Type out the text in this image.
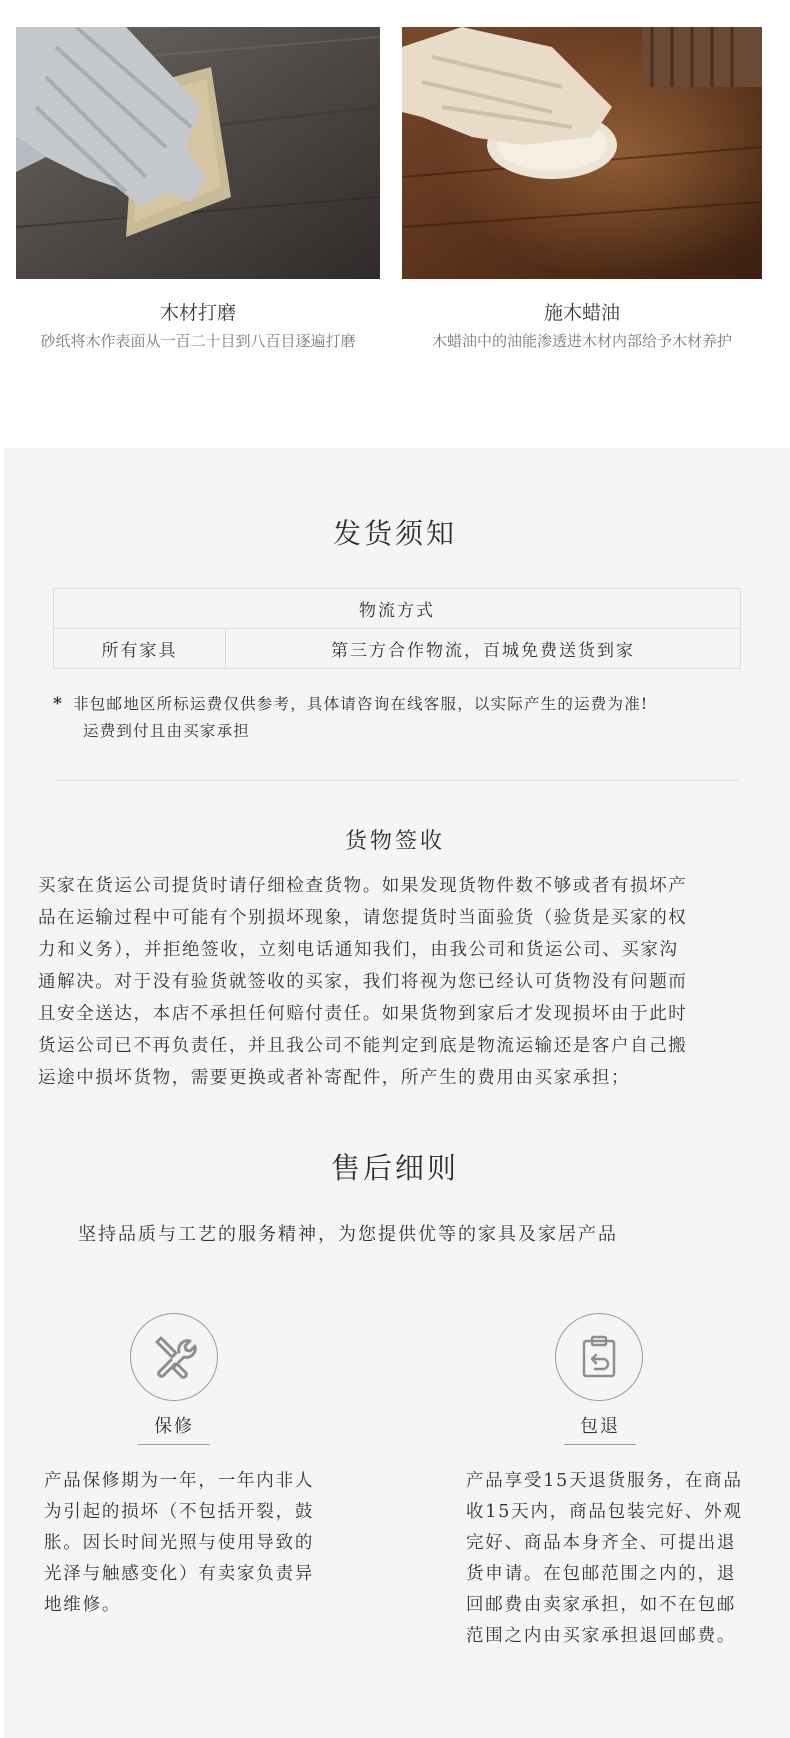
木材打磨
砂纸将木作表面从一百二十目到八百目逐遍打磨
施木蜡油
木蜡油中的油能渗透进木材内部给予木材养护
发货须知
物流方式
所有家具	第三方合作物流，百城免费送货到家
* 非包邮地区所标运费仅供参考，具体请咨询在线客服，以实际产生的运费为准!
运费到付且由买家承担
货物签收
买家在货运公司提货时请仔细检查货物。如果发现货物件数不够或者有损坏产
品在运输过程中可能有个别损坏现象，请您提货时当面验货（验货是买家的权
力和义务），并拒绝签收，立刻电话通知我们，由我公司和货运公司、买家沟
通解决。对于没有验货就签收的买家，我们将视为您已经认可货物没有问题而
且安全送达，本店不承担任何赔付责任。如果货物到家后才发现损坏由于此时
货运公司已不再负责任，并且我公司不能判定到底是物流运输还是客户自己搬
运途中损坏货物，需要更换或者补寄配件，所产生的费用由买家承担；
售后细则
坚持品质与工艺的服务精神，为您提供优等的家具及家居产品
保修
产品保修期为一年，一年内非人
为引起的损坏（不包括开裂，鼓
胀。因长时间光照与使用导致的
光泽与触感变化）有卖家负责异
地维修。
包退
产品享受15天退货服务，在商品
收15天内，商品包装完好、外观
完好、商品本身齐全、可提出退
货申请。在包邮范围之内的，退
回邮费由卖家承担，如不在包邮
范围之内由买家承担退回邮费。
